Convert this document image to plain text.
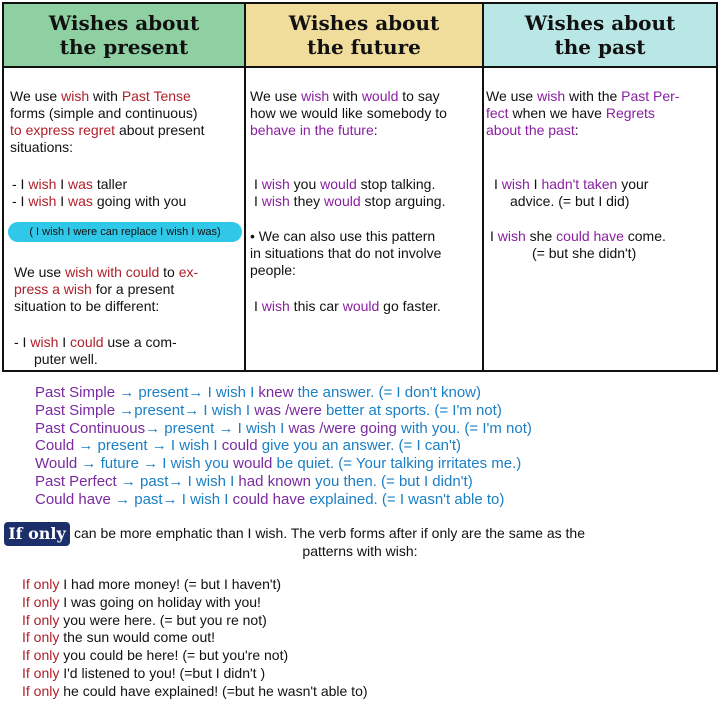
Wishes about
the present
Wishes about
the future
Wishes about
the past
We use wish with Past Tense
forms (simple and continuous)
to express regret about present
situations:
- I wish I was taller
- I wish I was going with you
( I wish I were can replace I wish I was)
We use wish with could to ex-
press a wish for a present
situation to be different:
- I wish I could use a com-
puter well.
We use wish with would to say
how we would like somebody to
behave in the future:
I wish you would stop talking.
I wish they would stop arguing.
• We can also use this pattern
in situations that do not involve
people:
I wish this car would go faster.
We use wish with the Past Per-
fect when we have Regrets
about the past:
I wish I hadn't taken your
advice. (= but I did)
I wish she could have come.
(= but she didn't)
Past Simple → present→ I wish I knew the answer. (= I don't know)
Past Simple →present→ I wish I was /were better at sports. (= I'm not)
Past Continuous→ present → I wish I was /were going with you. (= I'm not)
Could → present → I wish I could give you an answer. (= I can't)
Would → future → I wish you would be quiet. (= Your talking irritates me.)
Past Perfect → past→ I wish I had known you then. (= but I didn't)
Could have → past→ I wish I could have explained. (= I wasn't able to)
If only can be more emphatic than I wish. The verb forms after if only are the same as the
patterns with wish:
If only I had more money! (= but I haven't)
If only I was going on holiday with you!
If only you were here. (= but you re not)
If only the sun would come out!
If only you could be here! (= but you're not)
If only I'd listened to you! (=but I didn't )
If only he could have explained! (=but he wasn't able to)
